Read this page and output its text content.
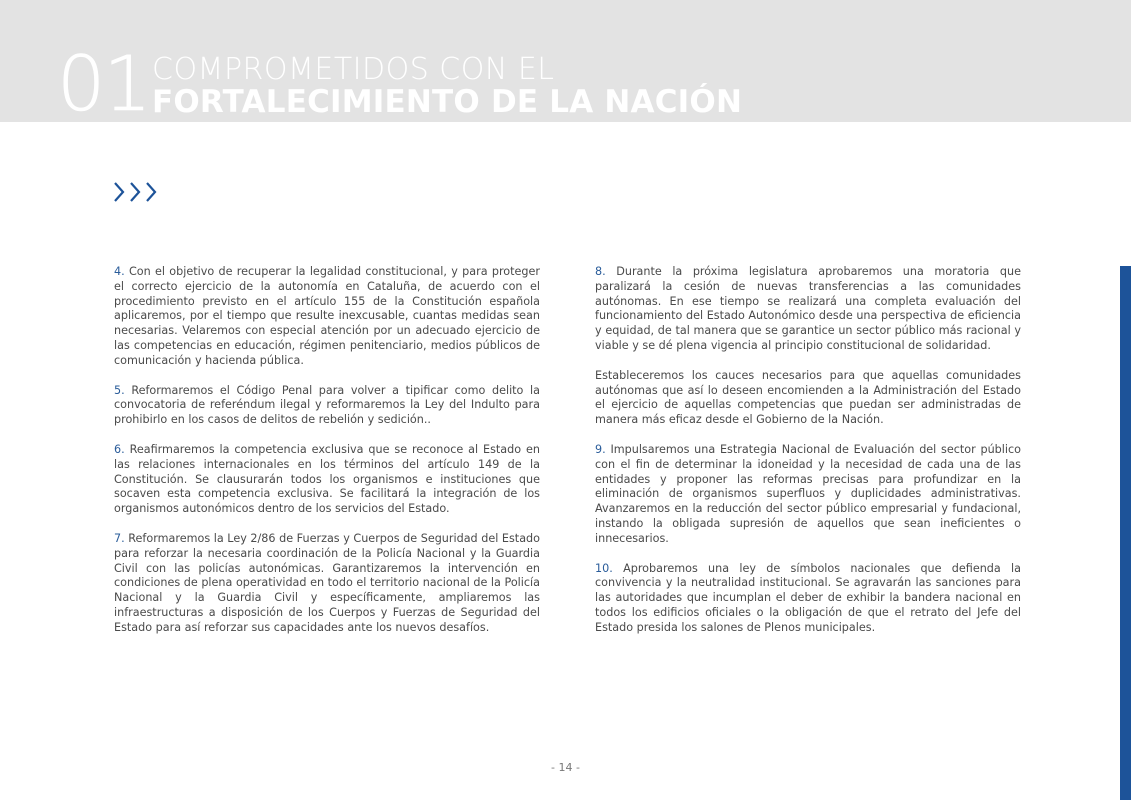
01 COMPROMETIDOS CON EL
FORTALECIMIENTO DE LA NACIÓN

4. Con el objetivo de recuperar la legalidad constitucional, y para proteger el correcto ejercicio de la autonomía en Cataluña, de acuerdo con el procedimiento previsto en el artículo 155 de la Constitución española aplicaremos, por el tiempo que resulte inexcusable, cuantas medidas sean necesarias. Velaremos con especial atención por un adecuado ejercicio de las competencias en educación, régimen penitenciario, medios públicos de comunicación y hacienda pública.

5. Reformaremos el Código Penal para volver a tipificar como delito la convocatoria de referéndum ilegal y reformaremos la Ley del Indulto para prohibirlo en los casos de delitos de rebelión y sedición..

6. Reafirmaremos la competencia exclusiva que se reconoce al Estado en las relaciones internacionales en los términos del artículo 149 de la Constitución. Se clausurarán todos los organismos e instituciones que socaven esta competencia exclusiva. Se facilitará la integración de los organismos autonómicos dentro de los servicios del Estado.

7. Reformaremos la Ley 2/86 de Fuerzas y Cuerpos de Seguridad del Estado para reforzar la necesaria coordinación de la Policía Nacional y la Guardia Civil con las policías autonómicas. Garantizaremos la intervención en condiciones de plena operatividad en todo el territorio nacional de la Policía Nacional y la Guardia Civil y específicamente, ampliaremos las infraestructuras a disposición de los Cuerpos y Fuerzas de Seguridad del Estado para así reforzar sus capacidades ante los nuevos desafíos.

8. Durante la próxima legislatura aprobaremos una moratoria que paralizará la cesión de nuevas transferencias a las comunidades autónomas. En ese tiempo se realizará una completa evaluación del funcionamiento del Estado Autonómico desde una perspectiva de eficiencia y equidad, de tal manera que se garantice un sector público más racional y viable y se dé plena vigencia al principio constitucional de solidaridad.

Estableceremos los cauces necesarios para que aquellas comunidades autónomas que así lo deseen encomienden a la Administración del Estado el ejercicio de aquellas competencias que puedan ser administradas de manera más eficaz desde el Gobierno de la Nación.

9. Impulsaremos una Estrategia Nacional de Evaluación del sector público con el fin de determinar la idoneidad y la necesidad de cada una de las entidades y proponer las reformas precisas para profundizar en la eliminación de organismos superfluos y duplicidades administrativas. Avanzaremos en la reducción del sector público empresarial y fundacional, instando la obligada supresión de aquellos que sean ineficientes o innecesarios.

10. Aprobaremos una ley de símbolos nacionales que defienda la convivencia y la neutralidad institucional. Se agravarán las sanciones para las autoridades que incumplan el deber de exhibir la bandera nacional en todos los edificios oficiales o la obligación de que el retrato del Jefe del Estado presida los salones de Plenos municipales.

- 14 -
